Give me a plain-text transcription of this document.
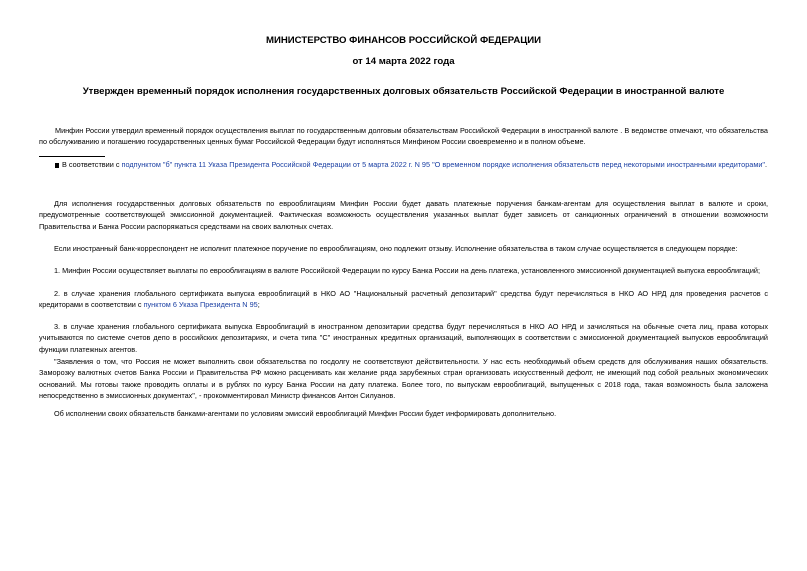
МИНИСТЕРСТВО ФИНАНСОВ РОССИЙСКОЙ ФЕДЕРАЦИИ
от 14 марта 2022 года
Утвержден временный порядок исполнения государственных долговых обязательств Российской Федерации в иностранной валюте

Минфин России утвердил временный порядок осуществления выплат по государственным долговым обязательствам Российской Федерации в иностранной валюте . В ведомстве отмечают, что обязательства по обслуживанию и погашению государственных ценных бумаг Российской Федерации будут исполняться Минфином России своевременно и в полном объеме.

В соответствии с подпунктом "б" пункта 11 Указа Президента Российской Федерации от 5 марта 2022 г. N 95 "О временном порядке исполнения обязательств перед некоторыми иностранными кредиторами".

Для исполнения государственных долговых обязательств по еврооблигациям Минфин России будет давать платежные поручения банкам-агентам для осуществления выплат в валюте и сроки, предусмотренные соответствующей эмиссионной документацией. Фактическая возможность осуществления указанных выплат будет зависеть от санкционных ограничений в отношении возможности Правительства и Банка России распоряжаться средствами на своих валютных счетах.

Если иностранный банк-корреспондент не исполнит платежное поручение по еврооблигациям, оно подлежит отзыву. Исполнение обязательства в таком случае осуществляется в следующем порядке:

1. Минфин России осуществляет выплаты по еврооблигациям в валюте Российской Федерации по курсу Банка России на день платежа, установленного эмиссионной документацией выпуска еврооблигаций;

2. в случае хранения глобального сертификата выпуска еврооблигаций в НКО АО "Национальный расчетный депозитарий" средства будут перечисляться в НКО АО НРД для проведения расчетов с кредиторами в соответствии с пунктом 6 Указа Президента N 95;

3. в случае хранения глобального сертификата выпуска Еврооблигаций в иностранном депозитарии средства будут перечисляться в НКО АО НРД и зачисляться на обычные счета лиц, права которых учитываются по системе счетов депо в российских депозитариях, и счета типа "С" иностранных кредитных организаций, выполняющих в соответствии с эмиссионной документацией выпусков еврооблигаций функции платежных агентов.

"Заявления о том, что Россия не может выполнить свои обязательства по госдолгу не соответствуют действительности. У нас есть необходимый объем средств для обслуживания наших обязательств. Заморозку валютных счетов Банка России и Правительства РФ можно расценивать как желание ряда зарубежных стран организовать искусственный дефолт, не имеющий под собой реальных экономических оснований. Мы готовы также проводить оплаты и в рублях по курсу Банка России на дату платежа. Более того, по выпускам еврооблигаций, выпущенных с 2018 года, такая возможность была заложена непосредственно в эмиссионных документах", - прокомментировал Министр финансов Антон Силуанов.

Об исполнении своих обязательств банками-агентами по условиям эмиссий еврооблигаций Минфин России будет информировать дополнительно.
